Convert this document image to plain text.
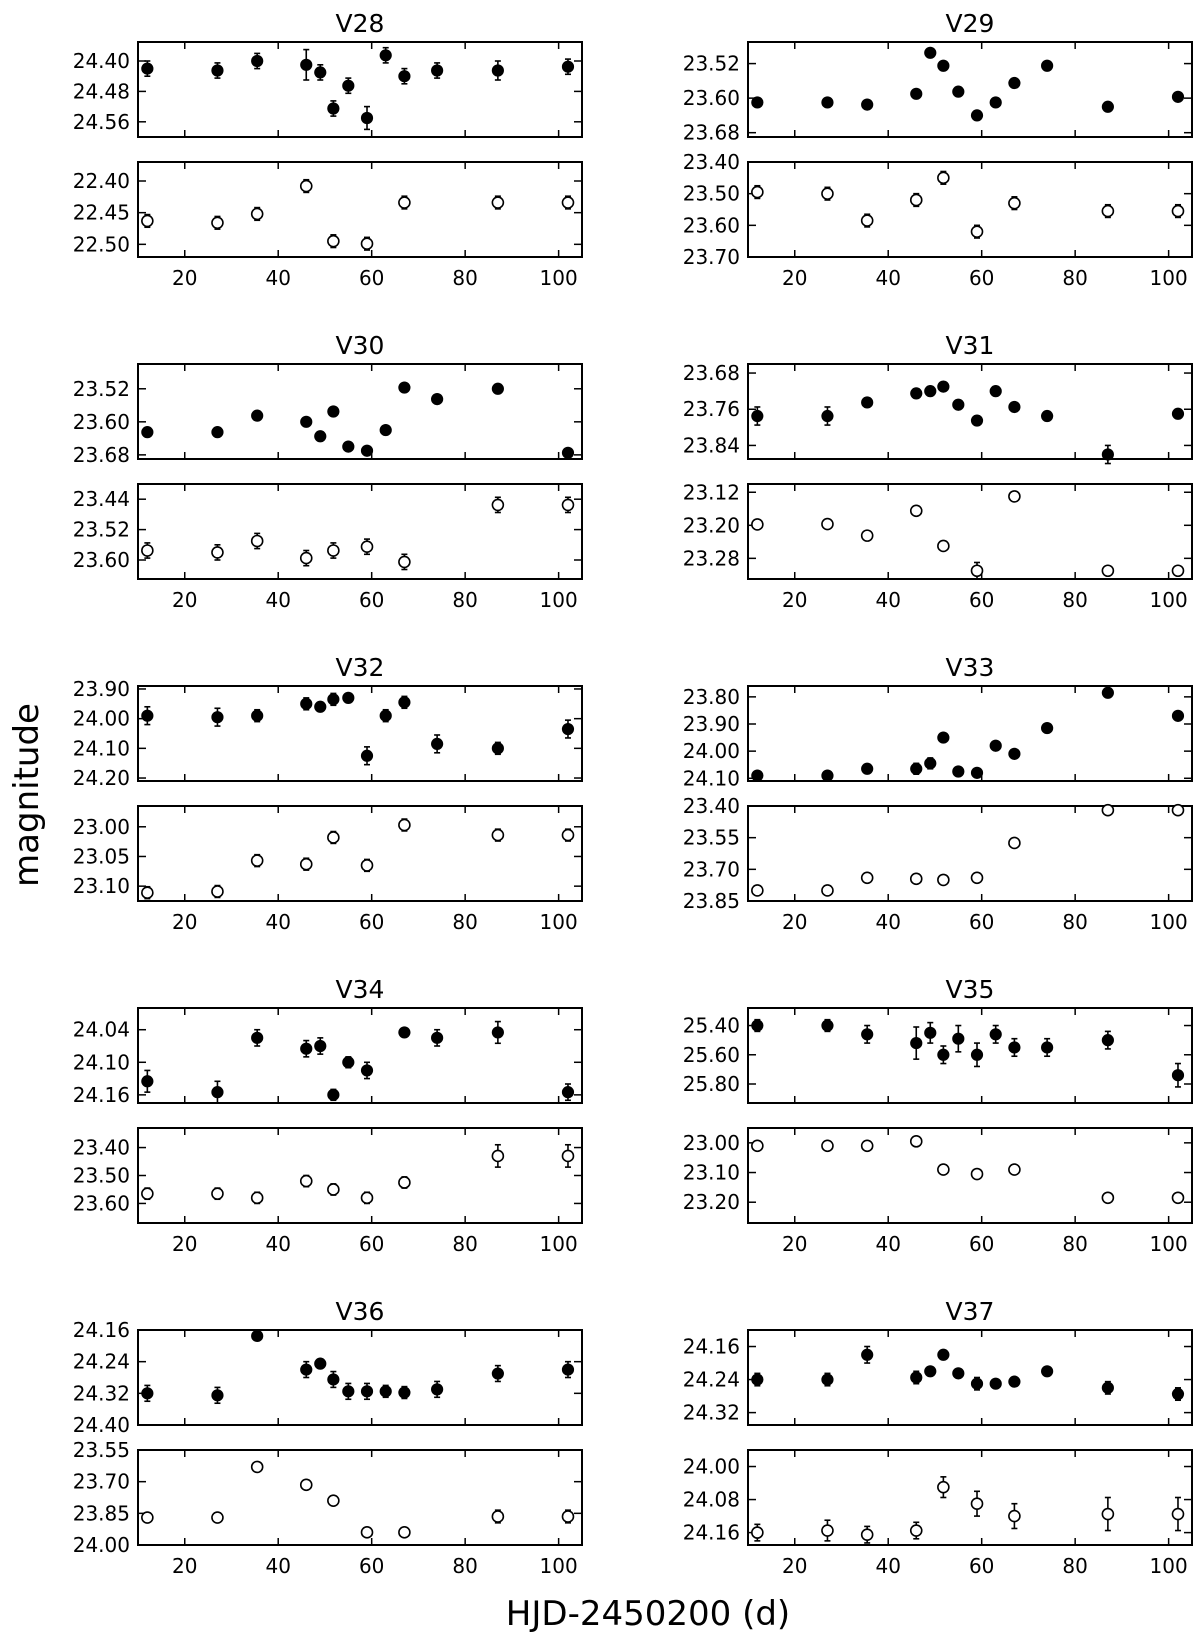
magnitude
HJD-2450200 (d)
V28
24.40
24.48
24.56
22.40
22.45
22.50
20	40	60	80	100
V29
23.52
23.60
23.68
23.40
23.50
23.60
23.70
20	40	60	80	100
V30
23.52
23.60
23.68
23.44
23.52
23.60
20	40	60	80	100
V31
23.68
23.76
23.84
23.12
23.20
23.28
20	40	60	80	100
V32
23.90
24.00
24.10
24.20
23.00
23.05
23.10
20	40	60	80	100
V33
23.80
23.90
24.00
24.10
23.40
23.55
23.70
23.85
20	40	60	80	100
V34
24.04
24.10
24.16
23.40
23.50
23.60
20	40	60	80	100
V35
25.40
25.60
25.80
23.00
23.10
23.20
20	40	60	80	100
V36
24.16
24.24
24.32
24.40
23.55
23.70
23.85
24.00
20	40	60	80	100
V37
24.16
24.24
24.32
24.00
24.08
24.16
20	40	60	80	100
